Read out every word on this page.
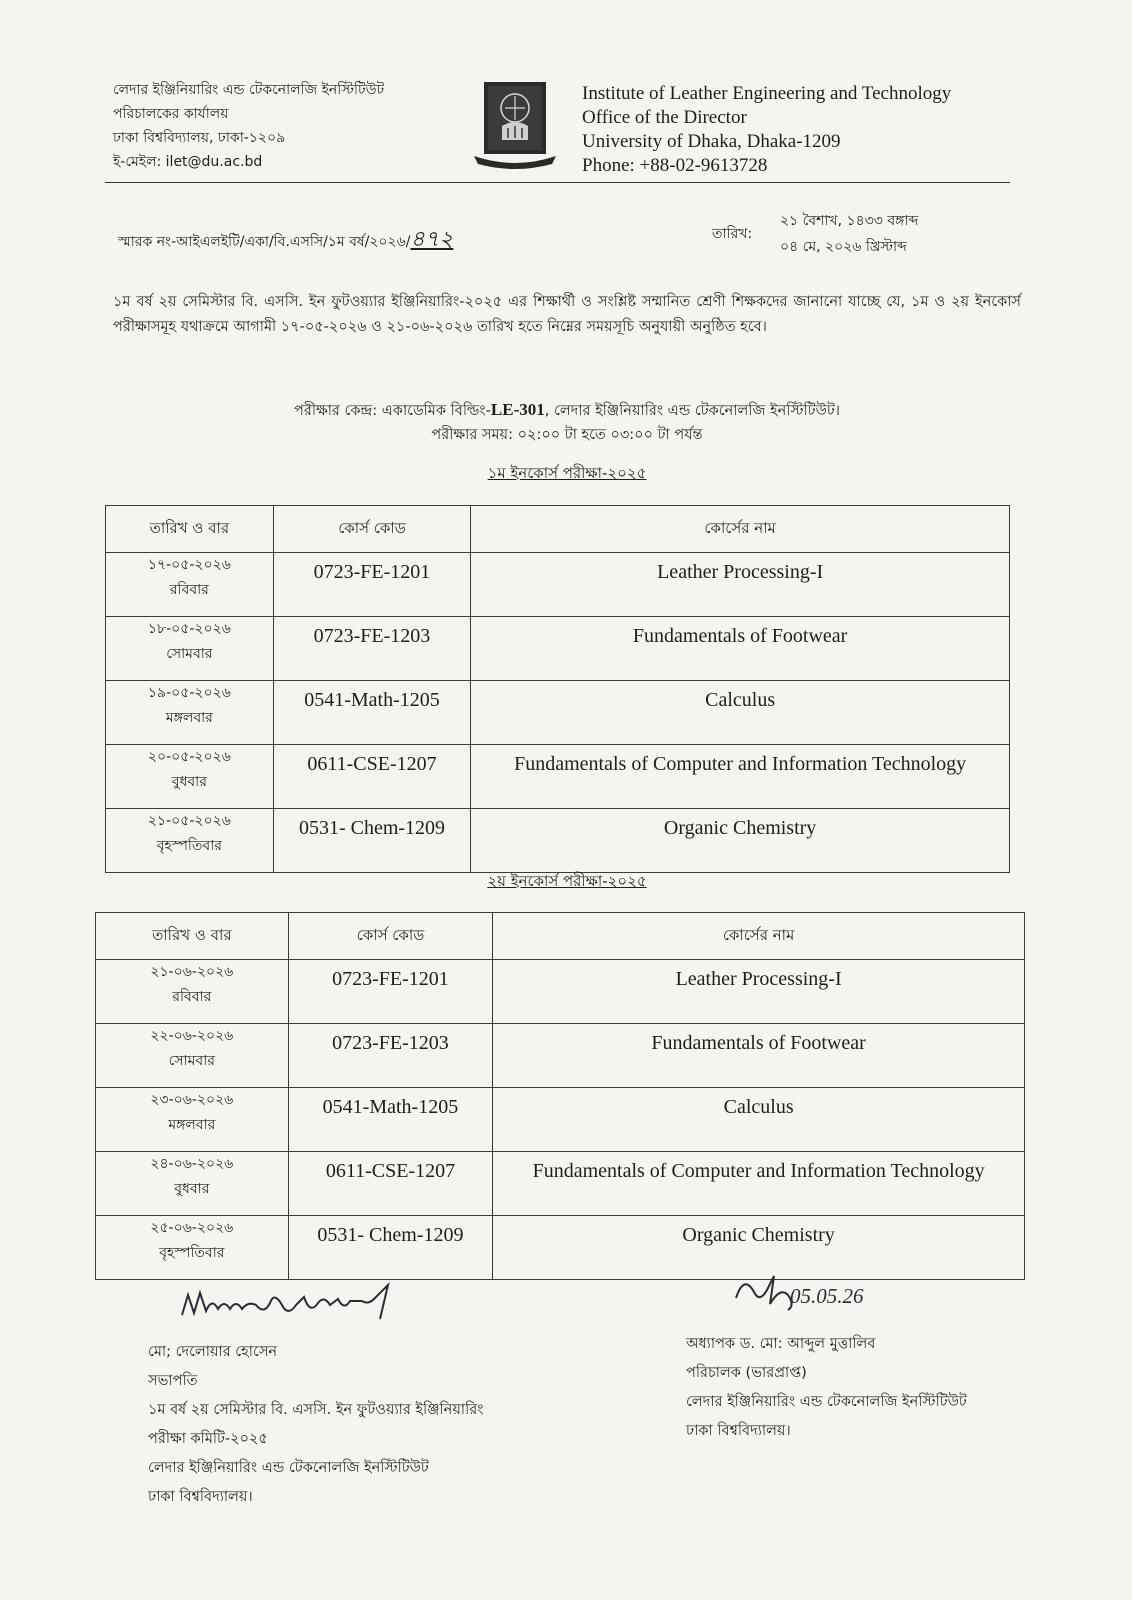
লেদার ইঞ্জিনিয়ারিং এন্ড টেকনোলজি ইনস্টিটিউট
পরিচালকের কার্যালয়
ঢাকা বিশ্ববিদ্যালয়, ঢাকা-১২০৯
ই-মেইল: ilet@du.ac.bd
Institute of Leather Engineering and Technology
Office of the Director
University of Dhaka, Dhaka-1209
Phone: +88-02-9613728
স্মারক নং-আইএলইটি/একা/বি.এসসি/১ম বর্ষ/২০২৬/৪৭২	তারিখ:
২১ বৈশাখ, ১৪৩৩ বঙ্গাব্দ
০৪ মে, ২০২৬ খ্রিস্টাব্দ
১ম বর্ষ ২য় সেমিস্টার বি. এসসি. ইন ফুটওয়্যার ইঞ্জিনিয়ারিং-২০২৫ এর শিক্ষার্থী ও সংশ্লিষ্ট সম্মানিত শ্রেণী শিক্ষকদের জানানো যাচ্ছে যে, ১ম ও ২য় ইনকোর্স পরীক্ষাসমূহ যথাক্রমে আগামী ১৭-০৫-২০২৬ ও ২১-০৬-২০২৬ তারিখ হতে নিম্নের সময়সূচি অনুযায়ী অনুষ্ঠিত হবে।
পরীক্ষার কেন্দ্র: একাডেমিক বিল্ডিং-LE-301, লেদার ইঞ্জিনিয়ারিং এন্ড টেকনোলজি ইনস্টিটিউট।
পরীক্ষার সময়: ০২:০০ টা হতে ০৩:০০ টা পর্যন্ত
১ম ইনকোর্স পরীক্ষা-২০২৫
তারিখ ও বার	কোর্স কোড	কোর্সের নাম

১৭-০৫-২০২৬
রবিবার	0723-FE-1201	Leather Processing-I

১৮-০৫-২০২৬
সোমবার	0723-FE-1203	Fundamentals of Footwear

১৯-০৫-২০২৬
মঙ্গলবার	0541-Math-1205	Calculus

২০-০৫-২০২৬
বুধবার	0611-CSE-1207	Fundamentals of Computer and Information Technology

২১-০৫-২০২৬
বৃহস্পতিবার	0531- Chem-1209	Organic Chemistry
২য় ইনকোর্স পরীক্ষা-২০২৫
তারিখ ও বার	কোর্স কোড	কোর্সের নাম

২১-০৬-২০২৬
রবিবার	0723-FE-1201	Leather Processing-I

২২-০৬-২০২৬
সোমবার	0723-FE-1203	Fundamentals of Footwear

২৩-০৬-২০২৬
মঙ্গলবার	0541-Math-1205	Calculus

২৪-০৬-২০২৬
বুধবার	0611-CSE-1207	Fundamentals of Computer and Information Technology

২৫-০৬-২০২৬
বৃহস্পতিবার	0531- Chem-1209	Organic Chemistry
05.05.26
মো; দেলোয়ার হোসেন
সভাপতি
১ম বর্ষ ২য় সেমিস্টার বি. এসসি. ইন ফুটওয়্যার ইঞ্জিনিয়ারিং
পরীক্ষা কমিটি-২০২৫
লেদার ইঞ্জিনিয়ারিং এন্ড টেকনোলজি ইনস্টিটিউট
ঢাকা বিশ্ববিদ্যালয়।
অধ্যাপক ড. মো: আব্দুল মুত্তালিব
পরিচালক (ভারপ্রাপ্ত)
লেদার ইঞ্জিনিয়ারিং এন্ড টেকনোলজি ইনস্টিটিউট
ঢাকা বিশ্ববিদ্যালয়।
